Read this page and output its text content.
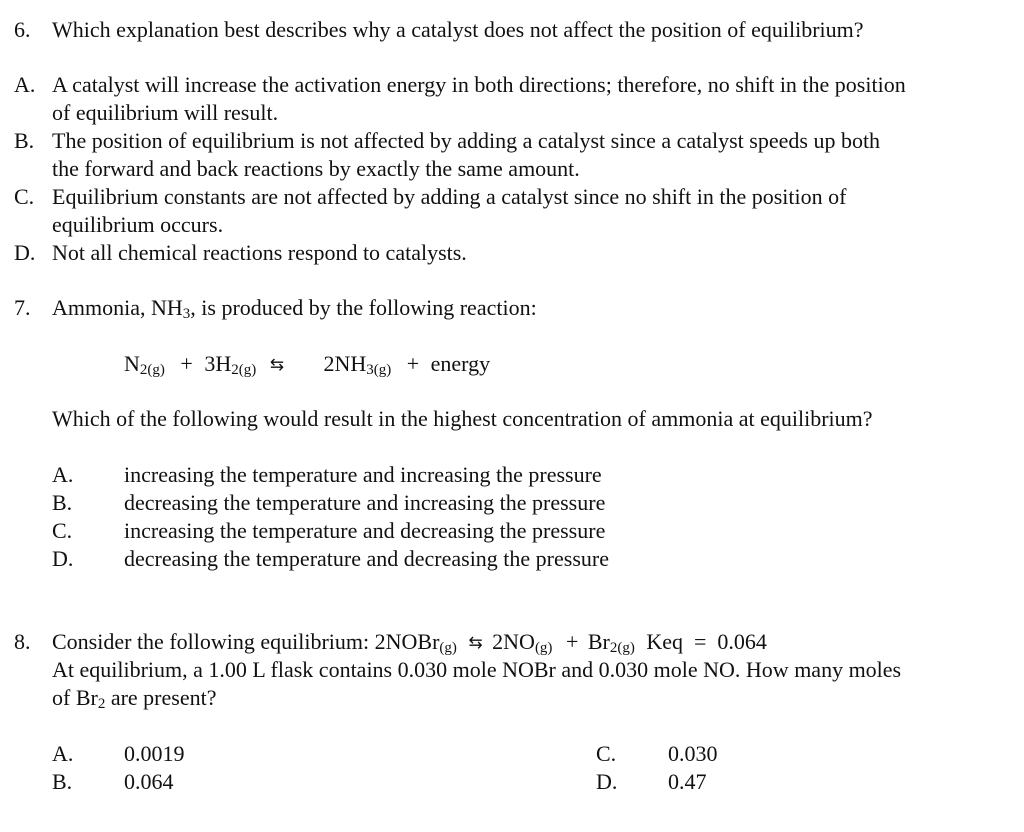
6. Which explanation best describes why a catalyst does not affect the position of equilibrium?
A. A catalyst will increase the activation energy in both directions; therefore, no shift in the position
of equilibrium will result.
B. The position of equilibrium is not affected by adding a catalyst since a catalyst speeds up both
the forward and back reactions by exactly the same amount.
C. Equilibrium constants are not affected by adding a catalyst since no shift in the position of
equilibrium occurs.
D. Not all chemical reactions respond to catalysts.
7. Ammonia, $NH_3$, is produced by the following reaction:
$N_{2(g)} + 3H_{2(g)}$ ⇆ $2NH_{3(g)}$ + energy
Which of the following would result in the highest concentration of ammonia at equilibrium?
A. increasing the temperature and increasing the pressure
B. decreasing the temperature and increasing the pressure
C. increasing the temperature and decreasing the pressure
D. decreasing the temperature and decreasing the pressure
8. Consider the following equilibrium: 2NOBr$_{(g)}$ ⇆ $2NO_{(g)} + Br_{2(g)}$ Keq  =  0.064
At equilibrium, a 1.00 L flask contains 0.030 mole NOBr and 0.030 mole NO. How many moles
of $Br_2$ are present?
A. 0.0019
B. 0.064
C. 0.030
D. 0.47
